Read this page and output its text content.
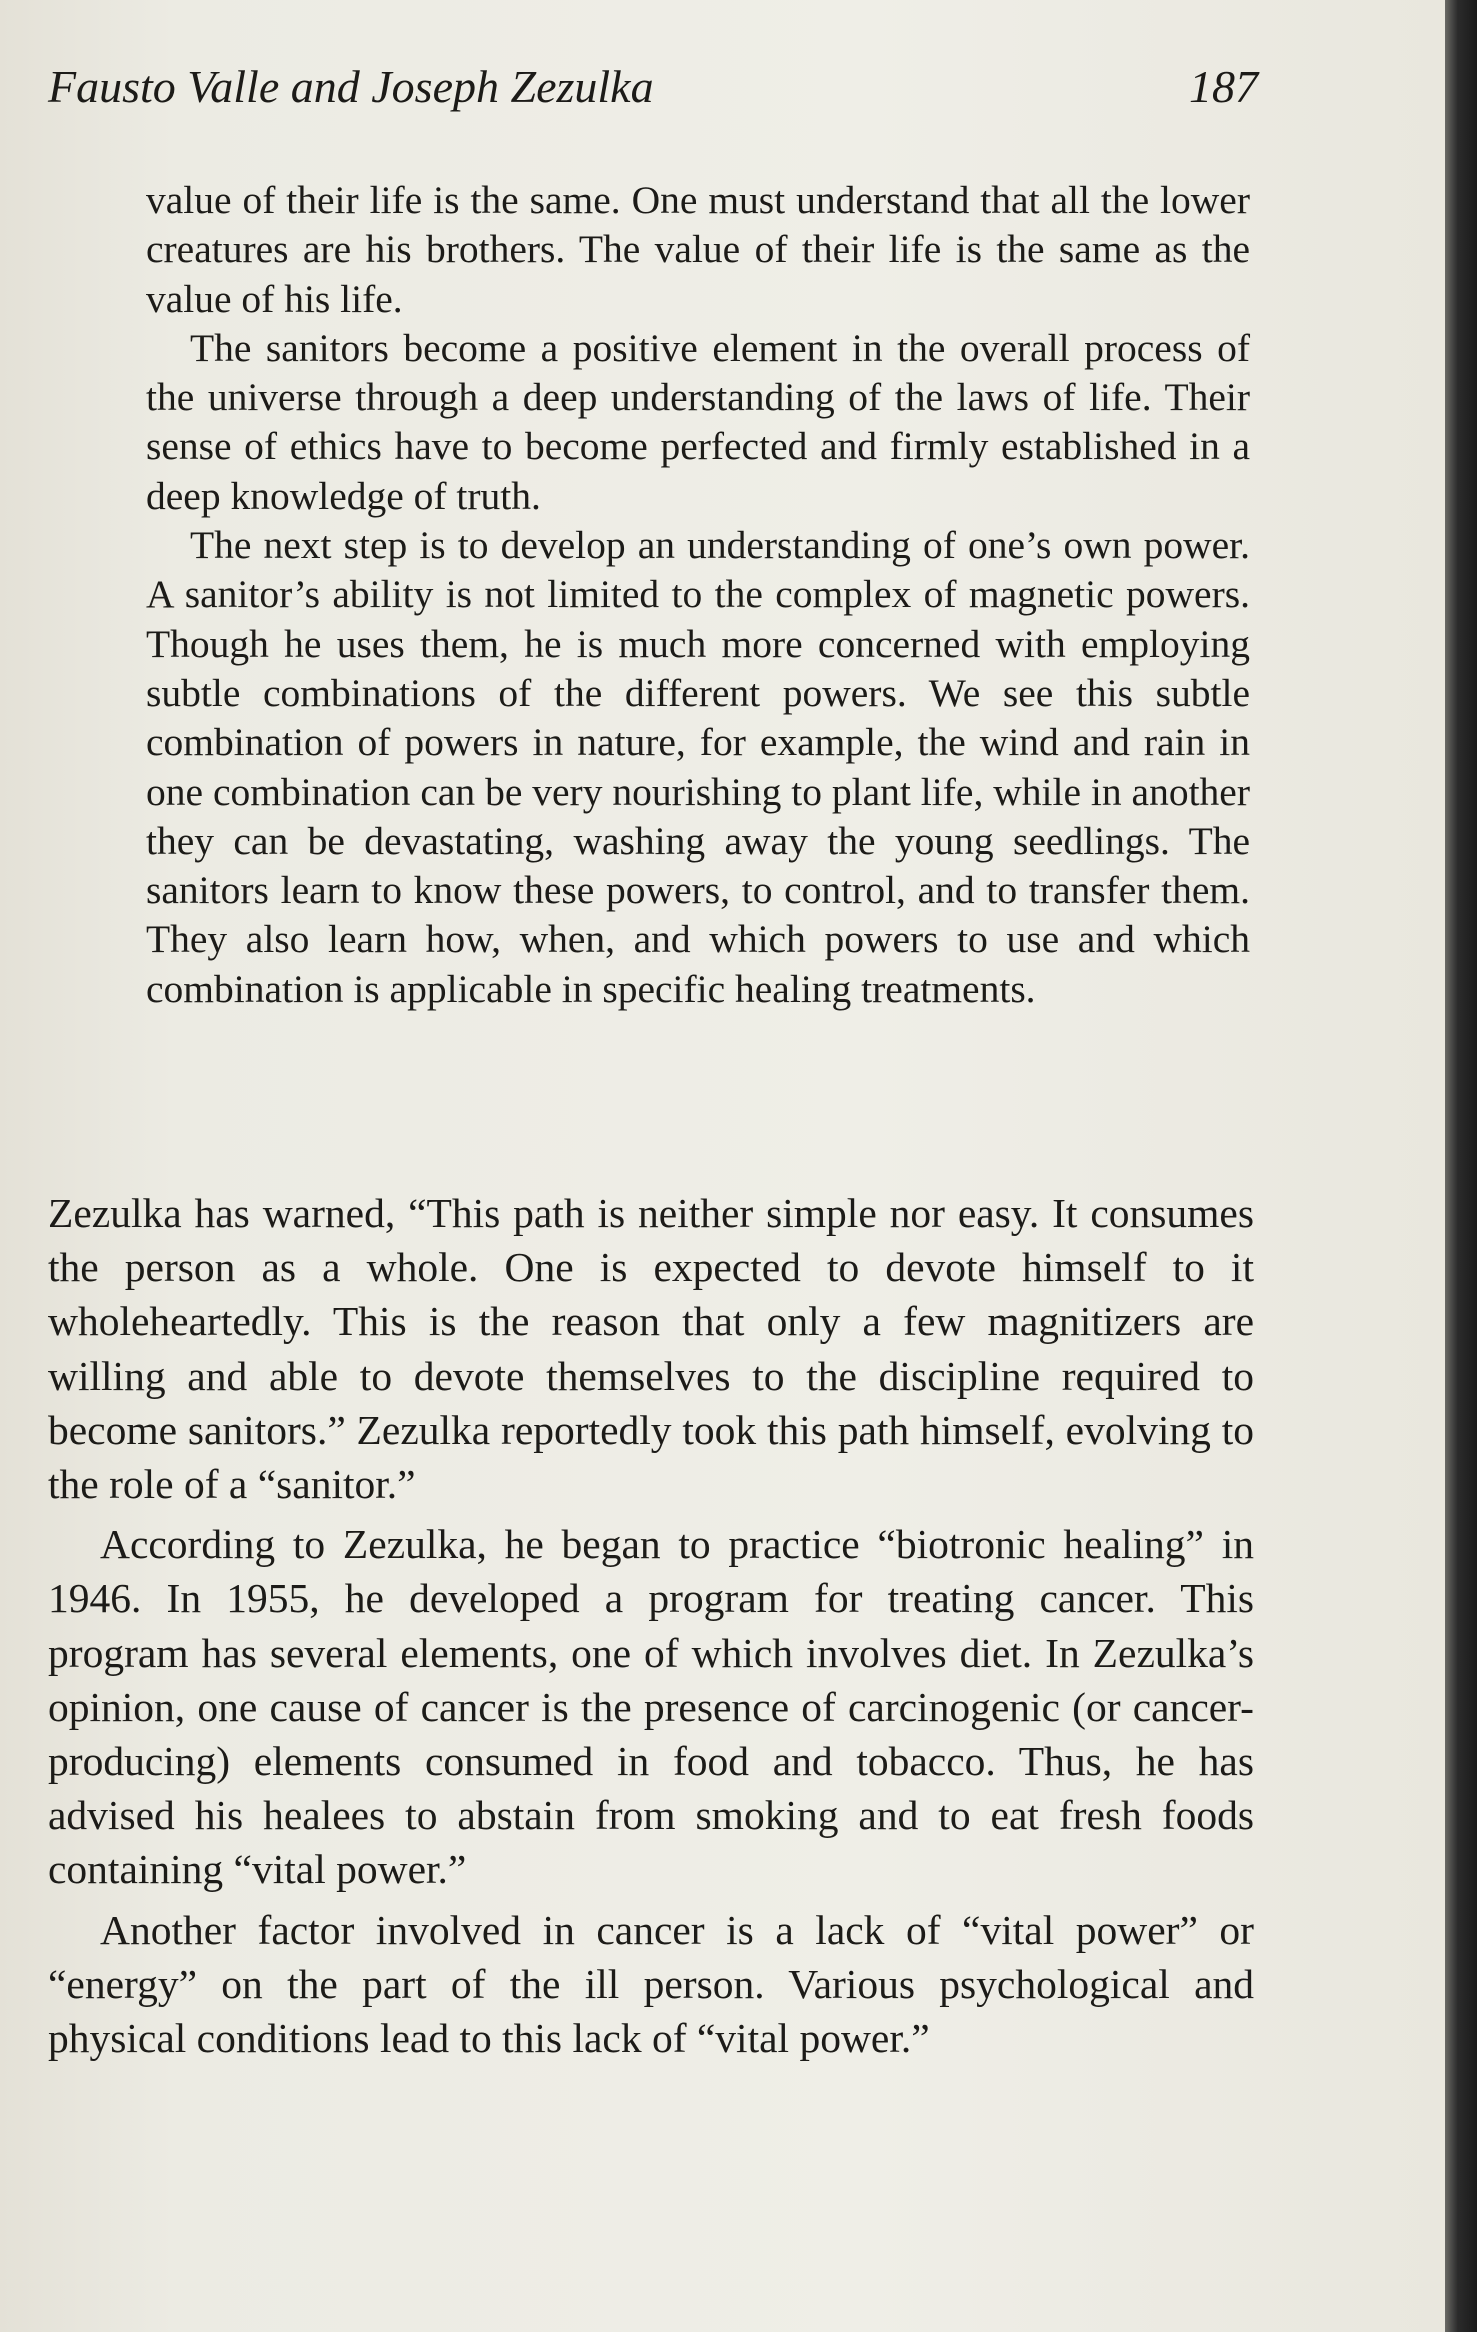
Fausto Valle and Joseph Zezulka	187

value of their life is the same. One must understand that all the lower creatures are his brothers. The value of their life is the same as the value of his life.

The sanitors become a positive element in the overall process of the universe through a deep understanding of the laws of life. Their sense of ethics have to become perfected and firmly established in a deep knowledge of truth.

The next step is to develop an understanding of one’s own power. A sanitor’s ability is not limited to the complex of magnetic powers. Though he uses them, he is much more concerned with employing subtle combinations of the different powers. We see this subtle combination of powers in nature, for example, the wind and rain in one combination can be very nourishing to plant life, while in another they can be devastating, washing away the young seedlings. The sanitors learn to know these powers, to control, and to transfer them. They also learn how, when, and which powers to use and which combination is applicable in specific healing treatments.

Zezulka has warned, “This path is neither simple nor easy. It consumes the person as a whole. One is expected to devote himself to it wholeheartedly. This is the reason that only a few magnitizers are willing and able to devote themselves to the discipline required to become sanitors.” Zezulka reportedly took this path himself, evolving to the role of a “sanitor.”

According to Zezulka, he began to practice “biotronic healing” in 1946. In 1955, he developed a program for treating cancer. This program has several elements, one of which involves diet. In Zezulka’s opinion, one cause of cancer is the presence of carcinogenic (or cancer-producing) elements consumed in food and tobacco. Thus, he has advised his healees to abstain from smoking and to eat fresh foods containing “vital power.”

Another factor involved in cancer is a lack of “vital power” or “energy” on the part of the ill person. Various psychological and physical conditions lead to this lack of “vital power.”
